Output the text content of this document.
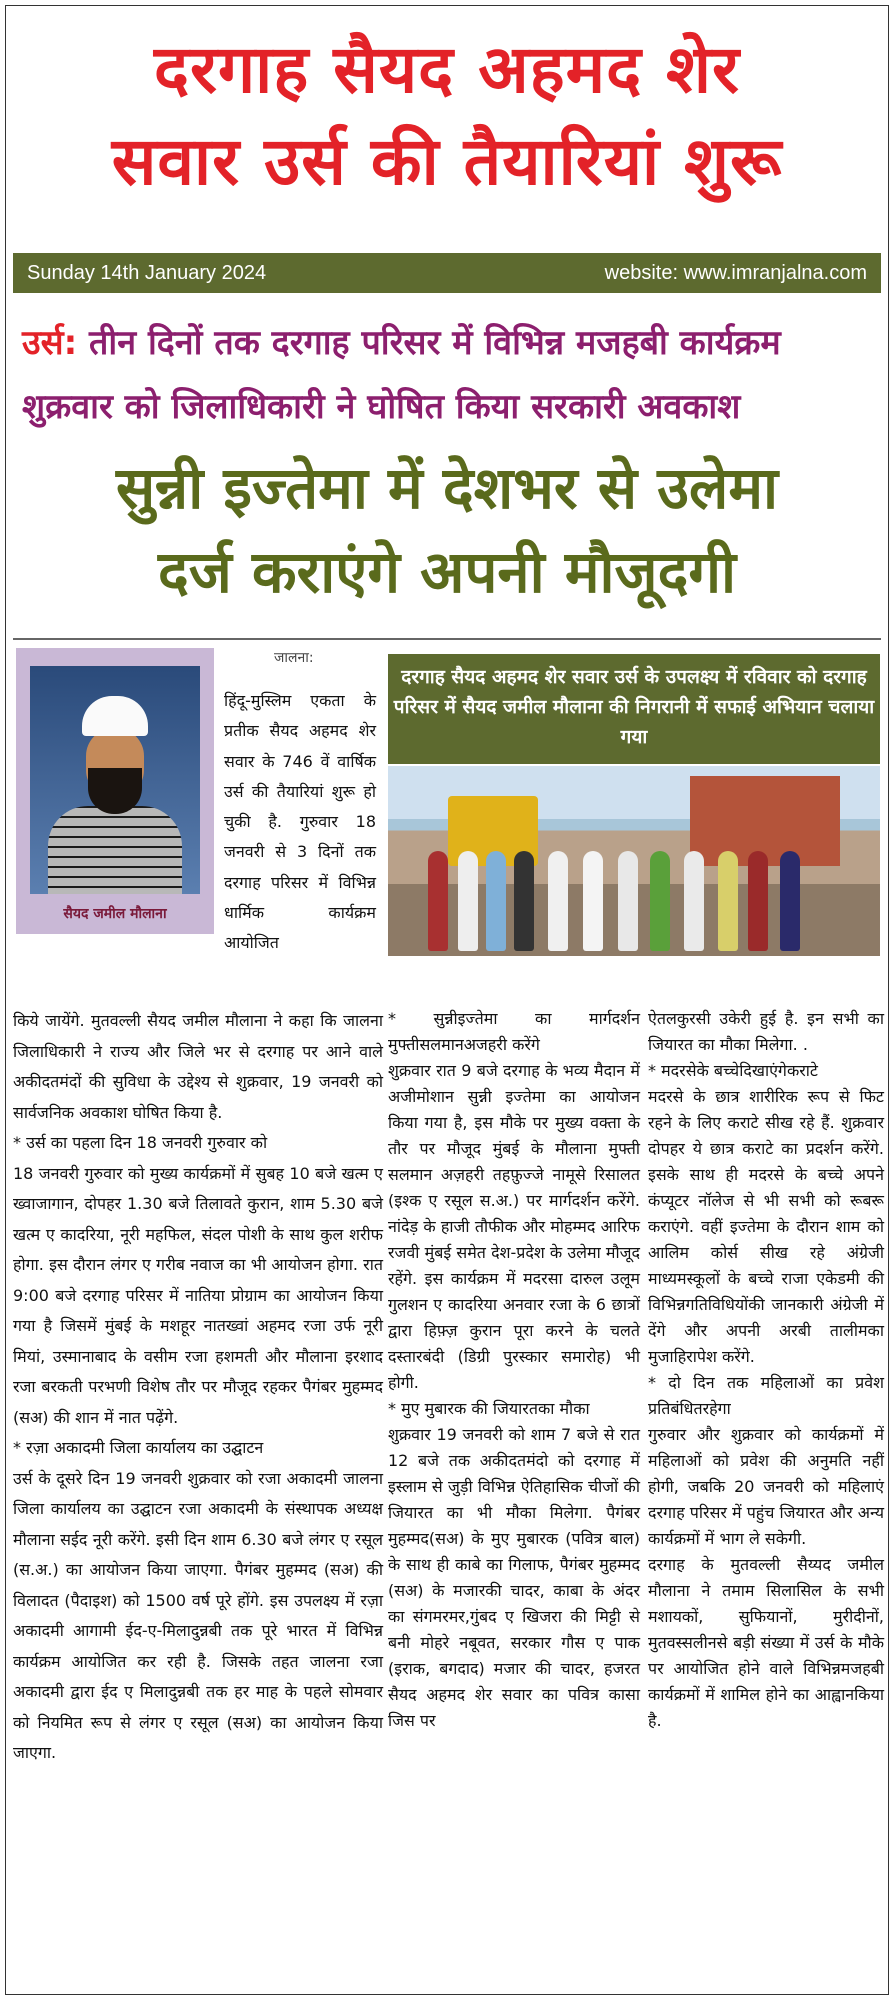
दरगाह सैयद अहमद शेर
सवार उर्स की तैयारियां शुरू
Sunday 14th January 2024	website: www.imranjalna.com
उर्स: तीन दिनों तक दरगाह परिसर में विभिन्न मजहबी कार्यक्रम
शुक्रवार को जिलाधिकारी ने घोषित किया सरकारी अवकाश
सुन्नी इज्तेमा में देशभर से उलेमा
दर्ज कराएंगे अपनी मौजूदगी
सैयद जमील मौलाना
जालना:
हिंदू-मुस्लिम एकता के प्रतीक सैयद अहमद शेर सवार के 746 वें वार्षिक उर्स की तैयारियां शुरू हो चुकी है. गुरुवार 18 जनवरी से 3 दिनों तक दरगाह परिसर में विभिन्न धार्मिक कार्यक्रम आयोजित

किये जायेंगे. मुतवल्ली सैयद जमील मौलाना ने कहा कि जालना जिलाधिकारी ने राज्य और जिले भर से दरगाह पर आने वाले अकीदतमंदों की सुविधा के उद्देश्य से शुक्रवार, 19 जनवरी को सार्वजनिक अवकाश घोषित किया है.

* उर्स का पहला दिन 18 जनवरी गुरुवार को

18 जनवरी गुरुवार को मुख्य कार्यक्रमों में सुबह 10 बजे खत्म ए ख्वाजागान, दोपहर 1.30 बजे तिलावते कुरान, शाम 5.30 बजे खत्म ए कादरिया, नूरी महफिल, संदल पोशी के साथ कुल शरीफ होगा. इस दौरान लंगर ए गरीब नवाज का भी आयोजन होगा. रात 9:00 बजे दरगाह परिसर में नातिया प्रोग्राम का आयोजन किया गया है जिसमें मुंबई के मशहूर नातख्वां अहमद रजा उर्फ नूरी मियां, उस्मानाबाद के वसीम रजा हशमती और मौलाना इरशाद रजा बरकती परभणी विशेष तौर पर मौजूद रहकर पैगंबर मुहम्मद (सअ) की शान में नात पढ़ेंगे.

* रज़ा अकादमी जिला कार्यालय का उद्घाटन

उर्स के दूसरे दिन 19 जनवरी शुक्रवार को रजा अकादमी जालना जिला कार्यालय का उद्घाटन रजा अकादमी के संस्थापक अध्यक्ष मौलाना सईद नूरी करेंगे. इसी दिन शाम 6.30 बजे लंगर ए रसूल (स.अ.) का आयोजन किया जाएगा. पैगंबर मुहम्मद (सअ) की विलादत (पैदाइश) को 1500 वर्ष पूरे होंगे. इस उपलक्ष्य में रज़ा अकादमी आगामी ईद-ए-मिलादुन्नबी तक पूरे भारत में विभिन्न कार्यक्रम आयोजित कर रही है. जिसके तहत जालना रजा अकादमी द्वारा ईद ए मिलादुन्नबी तक हर माह के पहले सोमवार को नियमित रूप से लंगर ए रसूल (सअ) का आयोजन किया जाएगा.

दरगाह सैयद अहमद शेर सवार उर्स के उपलक्ष्य में रविवार को दरगाह परिसर में सैयद जमील मौलाना की निगरानी में सफाई अभियान चलाया गया

* सुन्नीइज्तेमा का मार्गदर्शन मुफ्तीसलमानअजहरी करेंगे

शुक्रवार रात 9 बजे दरगाह के भव्य मैदान में अजीमोशान सुन्नी इज्तेमा का आयोजन किया गया है, इस मौके पर मुख्य वक्ता के तौर पर मौजूद मुंबई के मौलाना मुफ्ती सलमान अज़हरी तहफ़ुज्जे नामूसे रिसालत (इश्क ए रसूल स.अ.) पर मार्गदर्शन करेंगे. नांदेड़ के हाजी तौफीक और मोहम्मद आरिफ रजवी मुंबई समेत देश-प्रदेश के उलेमा मौजूद रहेंगे. इस कार्यक्रम में मदरसा दारुल उलूम गुलशन ए कादरिया अनवार रजा के 6 छात्रों द्वारा हिफ़्ज़ कुरान पूरा करने के चलते दस्तारबंदी (डिग्री पुरस्कार समारोह) भी होगी.

* मुए मुबारक की जियारतका मौका

शुक्रवार 19 जनवरी को शाम 7 बजे से रात 12 बजे तक अकीदतमंदो को दरगाह में इस्लाम से जुड़ी विभिन्न ऐतिहासिक चीजों की जियारत का भी मौका मिलेगा. पैगंबर मुहम्मद(सअ) के मुए मुबारक (पवित्र बाल) के साथ ही काबे का गिलाफ, पैगंबर मुहम्मद (सअ) के मजारकी चादर, काबा के अंदर का संगमरमर,गुंबद ए खिजरा की मिट्टी से बनी मोहरे नबूवत, सरकार गौस ए पाक (इराक, बगदाद) मजार की चादर, हजरत सैयद अहमद शेर सवार का पवित्र कासा जिस पर

ऐतलकुरसी उकेरी हुई है. इन सभी का जियारत का मौका मिलेगा. .

* मदरसेके बच्चेदिखाएंगेकराटे

मदरसे के छात्र शारीरिक रूप से फिट रहने के लिए कराटे सीख रहे हैं. शुक्रवार दोपहर ये छात्र कराटे का प्रदर्शन करेंगे. इसके साथ ही मदरसे के बच्चे अपने कंप्यूटर नॉलेज से भी सभी को रूबरू कराएंगे. वहीं इज्तेमा के दौरान शाम को आलिम कोर्स सीख रहे अंग्रेजी माध्यमस्कूलों के बच्चे राजा एकेडमी की विभिन्नगतिविधियोंकी जानकारी अंग्रेजी में देंगे और अपनी अरबी तालीमका मुजाहिरापेश करेंगे.

* दो दिन तक महिलाओं का प्रवेश प्रतिबंधितरहेगा

गुरुवार और शुक्रवार को कार्यक्रमों में महिलाओं को प्रवेश की अनुमति नहीं होगी, जबकि 20 जनवरी को महिलाएं दरगाह परिसर में पहुंच जियारत और अन्य कार्यक्रमों में भाग ले सकेगी.

दरगाह के मुतवल्ली सैय्यद जमील मौलाना ने तमाम सिलासिल के सभी मशायकों, सुफियानों, मुरीदीनों, मुतवस्सलीनसे बड़ी संख्या में उर्स के मौके पर आयोजित होने वाले विभिन्नमजहबी कार्यक्रमों में शामिल होने का आह्वानकिया है.
